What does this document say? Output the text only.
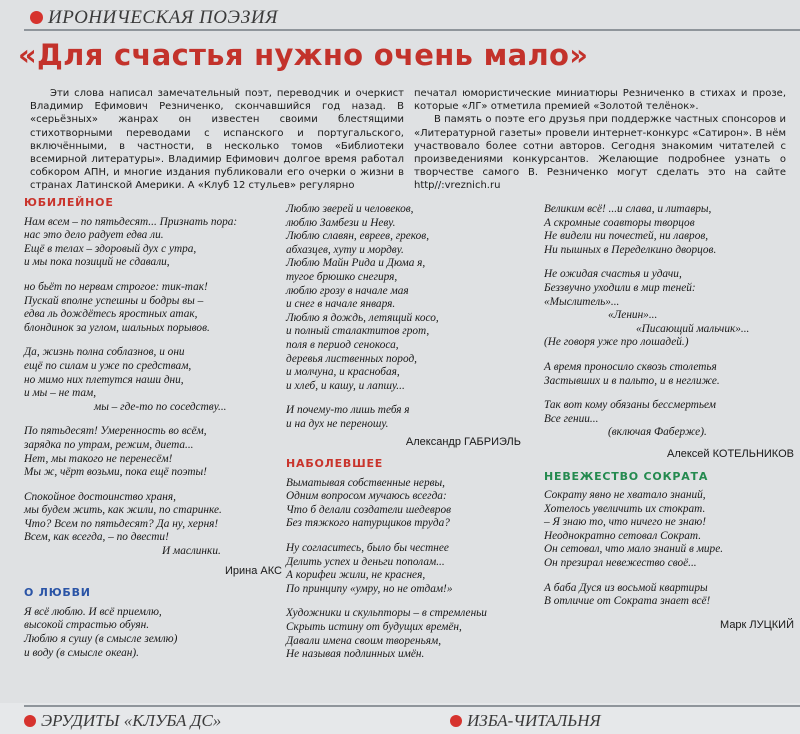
ИРОНИЧЕСКАЯ ПОЭЗИЯ
«Для счастья нужно очень мало»

Эти слова написал замечательный поэт, переводчик и очеркист Владимир Ефимович Резниченко, скончавшийся год назад. В «серьёзных» жанрах он известен своими блестящими стихотворными переводами с испанского и португальского, включёнными, в частности, в несколько томов «Библиотеки всемирной литературы». Владимир Ефимович долгое время работал собкором АПН, и многие издания публиковали его очерки о жизни в странах Латинской Америки. А «Клуб 12 стульев» регулярно

печатал юмористические миниатюры Резниченко в стихах и прозе, которые «ЛГ» отметила премией «Золотой телёнок».

В память о поэте его друзья при поддержке частных спонсоров и «Литературной газеты» провели интернет-конкурс «Сатирон». В нём участвовало более сотни авторов. Сегодня знакомим читателей с произведениями конкурсантов. Желающие подробнее узнать о творчестве самого В. Резниченко могут сделать это на сайте http//:vreznich.ru

ЮБИЛЕЙНОЕ
Нам всем – по пятьдесят... Признать пора:
нас это дело радует едва ли.
Ещё в телах – здоровый дух с утра,
и мы пока позиций не сдавали,
но бьёт по нервам строгое: тик-так!
Пускай вполне успешны и бодры вы –
едва ль дождётесь яростных атак,
блондинок за углом, шальных порывов.
Да, жизнь полна соблазнов, и они
ещё по силам и уже по средствам,
но мимо них плетутся наши дни,
и мы – не там,
мы – где-то по соседству...
По пятьдесят! Умеренность во всём,
зарядка по утрам, режим, диета...
Нет, мы такого не перенесём!
Мы ж, чёрт возьми, пока ещё поэты!
Спокойное достоинство храня,
мы будем жить, как жили, по старинке.
Что? Всем по пятьдесят? Да ну, херня!
Всем, как всегда, – по двести!
И маслинки.
Ирина АКС
О ЛЮБВИ
Я всё люблю. И всё приемлю,
высокой страстью обуян.
Люблю я сушу (в смысле землю)
и воду (в смысле океан).
Люблю зверей и человеков,
люблю Замбези и Неву.
Люблю славян, евреев, греков,
абхазцев, хуту и мордву.
Люблю Майн Рида и Дюма я,
тугое брюшко снегиря,
люблю грозу в начале мая
и снег в начале января.
Люблю я дождь, летящий косо,
и полный сталактитов грот,
поля в период сенокоса,
деревья лиственных пород,
и молчуна, и краснобая,
и хлеб, и кашу, и лапшу...
И почему-то лишь тебя я
и на дух не переношу.
Александр ГАБРИЭЛЬ
НАБОЛЕВШЕЕ
Выматывая собственные нервы,
Одним вопросом мучаюсь всегда:
Что б делали создатели шедевров
Без тяжкого натурщиков труда?
Ну согласитесь, было бы честнее
Делить успех и деньги пополам...
А корифеи жили, не краснея,
По принципу «умру, но не отдам!»
Художники и скульпторы – в стремленьи
Скрыть истину от будущих времён,
Давали имена своим твореньям,
Не называя подлинных имён.
Великим всё! ...и слава, и литавры,
А скромные соавторы творцов
Не видели ни почестей, ни лавров,
Ни пышных в Переделкино дворцов.
Не ожидая счастья и удачи,
Беззвучно уходили в мир теней:
«Мыслитель»...
«Ленин»...
«Писающий мальчик»...
(Не говоря уже про лошадей.)
А время проносило сквозь столетья
Застывших и в пальто, и в неглиже.
Так вот кому обязаны бессмертьем
Все гении...
(включая Фаберже).
Алексей КОТЕЛЬНИКОВ
НЕВЕЖЕСТВО СОКРАТА
Сократу явно не хватало знаний,
Хотелось увеличить их стократ.
– Я знаю то, что ничего не знаю!
Неоднократно сетовал Сократ.
Он сетовал, что мало знаний в мире.
Он презирал невежество своё...
А баба Дуся из восьмой квартиры
В отличие от Сократа знает всё!
Марк ЛУЦКИЙ
ЭРУДИТЫ «КЛУБА ДС»	ИЗБА-ЧИТАЛЬНЯ
